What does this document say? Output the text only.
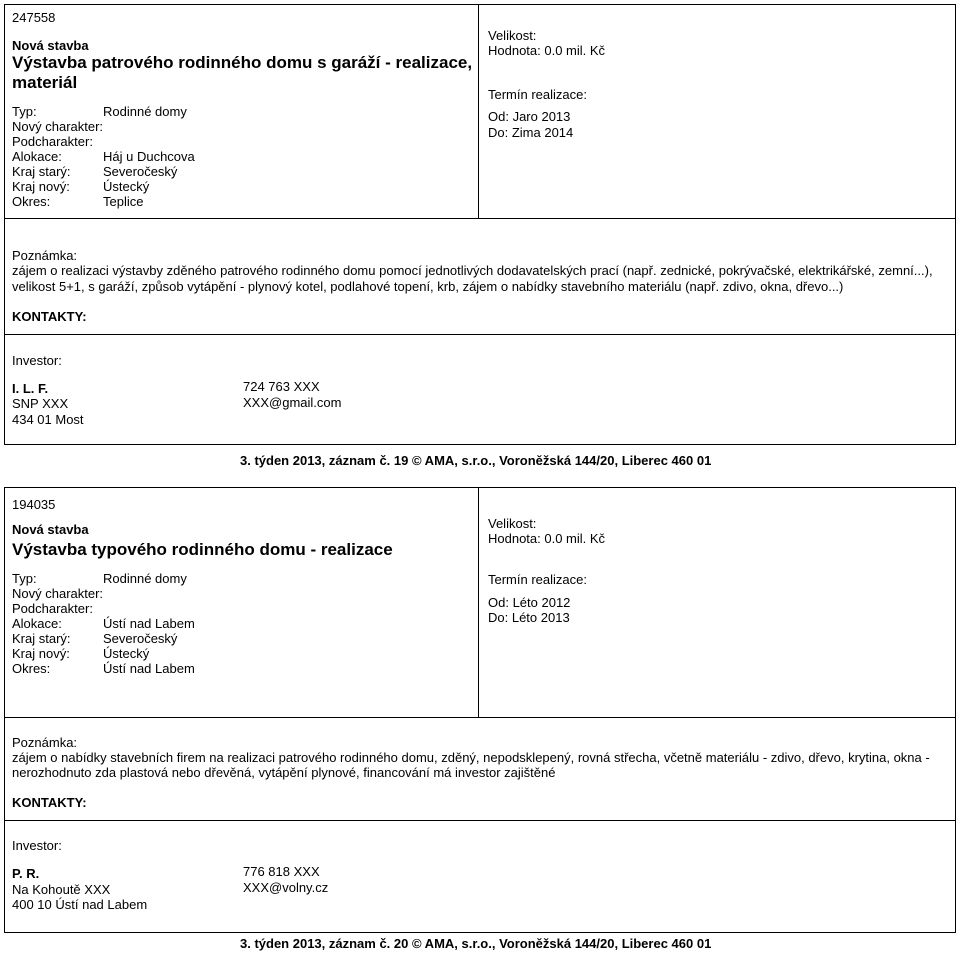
247558
Nová stavba
Výstavba patrového rodinného domu s garáží - realizace, materiál
Typ:	Rodinné domy
Nový charakter:
Podcharakter:
Alokace:	Háj u Duchcova
Kraj starý: Severočeský
Kraj nový:	Ústecký
Okres:	Teplice
Velikost:
Hodnota: 0.0 mil. Kč
Termín realizace:
Od: Jaro 2013
Do: Zima 2014
Poznámka:
zájem o realizaci výstavby zděného patrového rodinného domu pomocí jednotlivých dodavatelských prací (např. zednické, pokrývačské, elektrikářské, zemní...),
velikost 5+1, s garáží, způsob vytápění - plynový kotel, podlahové topení, krb, zájem o nabídky stavebního materiálu (např. zdivo, okna, dřevo...)
KONTAKTY:
Investor:
I. L. F.
SNP XXX
434 01 Most
724 763 XXX
XXX@gmail.com
3. týden 2013, záznam č. 19 © AMA, s.r.o., Voroněžská 144/20, Liberec 460 01
194035
Nová stavba
Výstavba typového rodinného domu - realizace
Typ:	Rodinné domy
Nový charakter:
Podcharakter:
Alokace:	Ústí nad Labem
Kraj starý: Severočeský
Kraj nový:	Ústecký
Okres:	Ústí nad Labem
Velikost:
Hodnota: 0.0 mil. Kč
Termín realizace:
Od: Léto 2012
Do: Léto 2013
Poznámka:
zájem o nabídky stavebních firem na realizaci patrového rodinného domu, zděný, nepodsklepený, rovná střecha, včetně materiálu - zdivo, dřevo, krytina, okna -
nerozhodnuto zda plastová nebo dřevěná, vytápění plynové, financování má investor zajištěné
KONTAKTY:
Investor:
P. R.
Na Kohoutě XXX
400 10 Ústí nad Labem
776 818 XXX
XXX@volny.cz
3. týden 2013, záznam č. 20 © AMA, s.r.o., Voroněžská 144/20, Liberec 460 01
